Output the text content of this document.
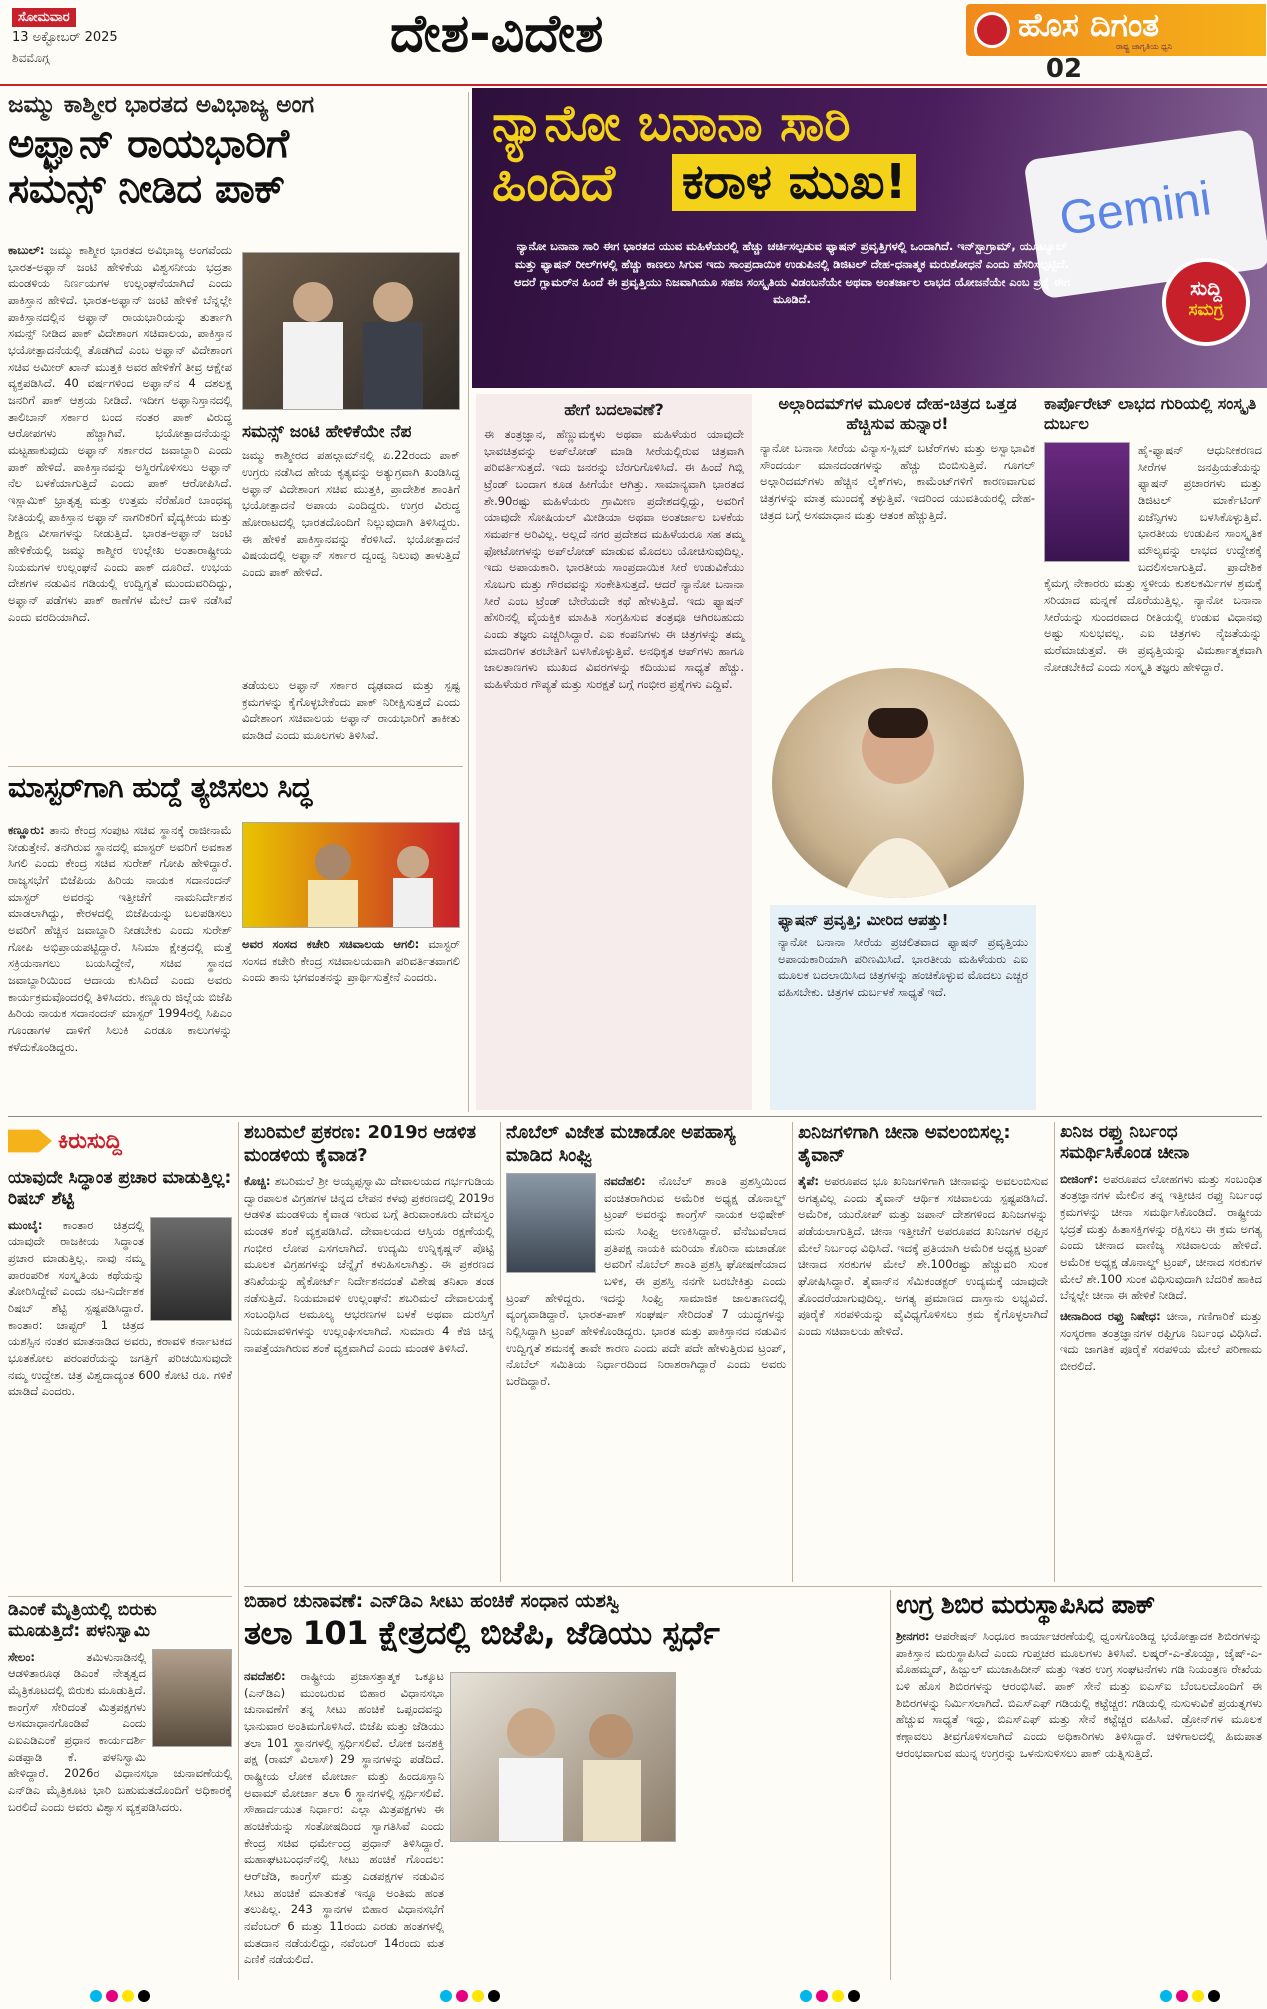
ಸೋಮವಾರ
13 ಅಕ್ಟೋಬರ್ 2025
ಶಿವಮೊಗ್ಗ	ದೇಶ-ವಿದೇಶ	ಹೊಸ ದಿಗಂತ
ರಾಷ್ಟ್ರ ಜಾಗೃತಿಯ ಧ್ವನಿ
02
ಜಮ್ಮು ಕಾಶ್ಮೀರ ಭಾರತದ ಅವಿಭಾಜ್ಯ ಅಂಗ
ಅಫ್ಘಾನ್ ರಾಯಭಾರಿಗೆ
ಸಮನ್ಸ್ ನೀಡಿದ ಪಾಕ್

ಕಾಬುಲ್: ಜಮ್ಮು ಕಾಶ್ಮೀರ ಭಾರತದ ಅವಿಭಾಜ್ಯ ಅಂಗವೆಂದು ಭಾರತ-ಅಫ್ಘಾನ್ ಜಂಟಿ ಹೇಳಿಕೆಯ ವಿಶ್ವಸನೀಯ ಭದ್ರತಾ ಮಂಡಳಿಯ ನಿರ್ಣಯಗಳ ಉಲ್ಲಂಘನೆಯಾಗಿದೆ ಎಂದು ಪಾಕಿಸ್ತಾನ ಹೇಳಿದೆ. ಭಾರತ-ಅಫ್ಘಾನ್ ಜಂಟಿ ಹೇಳಿಕೆ ಬೆನ್ನಲ್ಲೇ ಪಾಕಿಸ್ತಾನದಲ್ಲಿನ ಅಫ್ಘಾನ್ ರಾಯಭಾರಿಯನ್ನು ತುರ್ತಾಗಿ ಸಮನ್ಸ್ ನೀಡಿದ ಪಾಕ್ ವಿದೇಶಾಂಗ ಸಚಿವಾಲಯ, ಪಾಕಿಸ್ತಾನ ಭಯೋತ್ಪಾದನೆಯಲ್ಲಿ ತೊಡಗಿದೆ ಎಂಬ ಅಫ್ಘಾನ್ ವಿದೇಶಾಂಗ ಸಚಿವ ಅಮೀರ್ ಖಾನ್ ಮುತ್ತಕಿ ಅವರ ಹೇಳಿಕೆಗೆ ತೀವ್ರ ಆಕ್ಷೇಪ ವ್ಯಕ್ತಪಡಿಸಿದೆ. 40 ವರ್ಷಗಳಿಂದ ಅಫ್ಘಾನ್‌ನ 4 ದಶಲಕ್ಷ ಜನರಿಗೆ ಪಾಕ್ ಆಶ್ರಯ ನೀಡಿದೆ. ಇದೀಗ ಅಫ್ಘಾನಿಸ್ತಾನದಲ್ಲಿ ತಾಲಿಬಾನ್ ಸರ್ಕಾರ ಬಂದ ನಂತರ ಪಾಕ್ ವಿರುದ್ಧ ಆರೋಪಗಳು ಹೆಚ್ಚಾಗಿವೆ. ಭಯೋತ್ಪಾದನೆಯನ್ನು ಮಟ್ಟಹಾಕುವುದು ಅಫ್ಘಾನ್ ಸರ್ಕಾರದ ಜವಾಬ್ದಾರಿ ಎಂದು ಪಾಕ್ ಹೇಳಿದೆ. ಪಾಕಿಸ್ತಾನವನ್ನು ಅಸ್ಥಿರಗೊಳಿಸಲು ಅಫ್ಘಾನ್ ನೆಲ ಬಳಕೆಯಾಗುತ್ತಿದೆ ಎಂದು ಪಾಕ್ ಆರೋಪಿಸಿದೆ. ಇಸ್ಲಾಮಿಕ್ ಭ್ರಾತೃತ್ವ ಮತ್ತು ಉತ್ತಮ ನೆರೆಹೊರೆ ಬಾಂಧವ್ಯ ನೀತಿಯಲ್ಲಿ ಪಾಕಿಸ್ತಾನ ಅಫ್ಘಾನ್ ನಾಗರಿಕರಿಗೆ ವೈದ್ಯಕೀಯ ಮತ್ತು ಶಿಕ್ಷಣ ವೀಸಾಗಳನ್ನು ನೀಡುತ್ತಿದೆ. ಭಾರತ-ಅಫ್ಘಾನ್ ಜಂಟಿ ಹೇಳಿಕೆಯಲ್ಲಿ ಜಮ್ಮು ಕಾಶ್ಮೀರ ಉಲ್ಲೇಖ ಅಂತಾರಾಷ್ಟ್ರೀಯ ನಿಯಮಗಳ ಉಲ್ಲಂಘನೆ ಎಂದು ಪಾಕ್ ದೂರಿದೆ. ಉಭಯ ದೇಶಗಳ ನಡುವಿನ ಗಡಿಯಲ್ಲಿ ಉದ್ವಿಗ್ನತೆ ಮುಂದುವರಿದಿದ್ದು, ಅಫ್ಘಾನ್ ಪಡೆಗಳು ಪಾಕ್ ಠಾಣೆಗಳ ಮೇಲೆ ದಾಳಿ ನಡೆಸಿವೆ ಎಂದು ವರದಿಯಾಗಿದೆ.

ಸಮನ್ಸ್ ಜಂಟಿ ಹೇಳಿಕೆಯೇ ನೆಪ

ಜಮ್ಮು ಕಾಶ್ಮೀರದ ಪಹಲ್ಗಾಮ್‌ನಲ್ಲಿ ಏ.22ರಂದು ಪಾಕ್ ಉಗ್ರರು ನಡೆಸಿದ ಹೇಯ ಕೃತ್ಯವನ್ನು ಅತ್ಯುಗ್ರವಾಗಿ ಖಂಡಿಸಿದ್ದ ಅಫ್ಘಾನ್ ವಿದೇಶಾಂಗ ಸಚಿವ ಮುತ್ತಕಿ, ಪ್ರಾದೇಶಿಕ ಶಾಂತಿಗೆ ಭಯೋತ್ಪಾದನೆ ಅಪಾಯ ಎಂದಿದ್ದರು. ಉಗ್ರರ ವಿರುದ್ಧ ಹೋರಾಟದಲ್ಲಿ ಭಾರತದೊಂದಿಗೆ ನಿಲ್ಲುವುದಾಗಿ ತಿಳಿಸಿದ್ದರು. ಈ ಹೇಳಿಕೆ ಪಾಕಿಸ್ತಾನವನ್ನು ಕೆರಳಿಸಿದೆ. ಭಯೋತ್ಪಾದನೆ ವಿಷಯದಲ್ಲಿ ಅಫ್ಘಾನ್ ಸರ್ಕಾರ ದ್ವಂದ್ವ ನಿಲುವು ತಾಳುತ್ತಿದೆ ಎಂದು ಪಾಕ್ ಹೇಳಿದೆ.

ತಡೆಯಲು ಅಫ್ಘಾನ್ ಸರ್ಕಾರ ದೃಢವಾದ ಮತ್ತು ಸ್ಪಷ್ಟ ಕ್ರಮಗಳನ್ನು ಕೈಗೊಳ್ಳಬೇಕೆಂದು ಪಾಕ್ ನಿರೀಕ್ಷಿಸುತ್ತದೆ ಎಂದು ವಿದೇಶಾಂಗ ಸಚಿವಾಲಯ ಅಫ್ಘಾನ್ ರಾಯಭಾರಿಗೆ ತಾಕೀತು ಮಾಡಿದೆ ಎಂದು ಮೂಲಗಳು ತಿಳಿಸಿವೆ.

ಮಾಸ್ಟರ್‌ಗಾಗಿ ಹುದ್ದೆ ತ್ಯಜಿಸಲು ಸಿದ್ಧ

ಕಣ್ಣೂರು: ತಾನು ಕೇಂದ್ರ ಸಂಪುಟ ಸಚಿವ ಸ್ಥಾನಕ್ಕೆ ರಾಜೀನಾಮೆ ನೀಡುತ್ತೇನೆ. ತನಗಿರುವ ಸ್ಥಾನದಲ್ಲಿ ಮಾಸ್ಟರ್ ಅವರಿಗೆ ಅವಕಾಶ ಸಿಗಲಿ ಎಂದು ಕೇಂದ್ರ ಸಚಿವ ಸುರೇಶ್ ಗೋಪಿ ಹೇಳಿದ್ದಾರೆ. ರಾಜ್ಯಸಭೆಗೆ ಬಿಜೆಪಿಯ ಹಿರಿಯ ನಾಯಕ ಸದಾನಂದನ್ ಮಾಸ್ಟರ್ ಅವರನ್ನು ಇತ್ತೀಚೆಗೆ ನಾಮನಿರ್ದೇಶನ ಮಾಡಲಾಗಿದ್ದು, ಕೇರಳದಲ್ಲಿ ಬಿಜೆಪಿಯನ್ನು ಬಲಪಡಿಸಲು ಅವರಿಗೆ ಹೆಚ್ಚಿನ ಜವಾಬ್ದಾರಿ ನೀಡಬೇಕು ಎಂದು ಸುರೇಶ್ ಗೋಪಿ ಅಭಿಪ್ರಾಯಪಟ್ಟಿದ್ದಾರೆ. ಸಿನಿಮಾ ಕ್ಷೇತ್ರದಲ್ಲಿ ಮತ್ತೆ ಸಕ್ರಿಯನಾಗಲು ಬಯಸಿದ್ದೇನೆ, ಸಚಿವ ಸ್ಥಾನದ ಜವಾಬ್ದಾರಿಯಿಂದ ಆದಾಯ ಕುಸಿದಿದೆ ಎಂದು ಅವರು ಕಾರ್ಯಕ್ರಮವೊಂದರಲ್ಲಿ ತಿಳಿಸಿದರು. ಕಣ್ಣೂರು ಜಿಲ್ಲೆಯ ಬಿಜೆಪಿ ಹಿರಿಯ ನಾಯಕ ಸದಾನಂದನ್ ಮಾಸ್ಟರ್ 1994ರಲ್ಲಿ ಸಿಪಿಎಂ ಗೂಂಡಾಗಳ ದಾಳಿಗೆ ಸಿಲುಕಿ ಎರಡೂ ಕಾಲುಗಳನ್ನು ಕಳೆದುಕೊಂಡಿದ್ದರು.

ಅವರ ಸಂಸದ ಕಚೇರಿ ಸಚಿವಾಲಯ ಆಗಲಿ: ಮಾಸ್ಟರ್ ಸಂಸದ ಕಚೇರಿ ಕೇಂದ್ರ ಸಚಿವಾಲಯವಾಗಿ ಪರಿವರ್ತಿತವಾಗಲಿ ಎಂದು ತಾನು ಭಗವಂತನನ್ನು ಪ್ರಾರ್ಥಿಸುತ್ತೇನೆ ಎಂದರು.

ನ್ಯಾನೋ ಬನಾನಾ ಸಾರಿ
ಹಿಂದಿದೆ ಕರಾಳ ಮುಖ!	Gemini
ಸುದ್ದಿ
ಸಮಗ್ರ

ನ್ಯಾನೋ ಬನಾನಾ ಸಾರಿ ಈಗ ಭಾರತದ ಯುವ ಮಹಿಳೆಯರಲ್ಲಿ ಹೆಚ್ಚು ಚರ್ಚಿಸಲ್ಪಡುವ ಫ್ಯಾಷನ್ ಪ್ರವೃತ್ತಿಗಳಲ್ಲಿ ಒಂದಾಗಿದೆ. ಇನ್‌ಸ್ಟಾಗ್ರಾಮ್, ಯೂಟ್ಯೂಬ್ ಮತ್ತು ಫ್ಯಾಷನ್ ರೀಲ್‌ಗಳಲ್ಲಿ ಹೆಚ್ಚು ಕಾಣಲು ಸಿಗುವ ಇದು ಸಾಂಪ್ರದಾಯಿಕ ಉಡುಪಿನಲ್ಲಿ ಡಿಜಿಟಲ್ ದೇಹ-ಧನಾತ್ಮಕ ಮರುಶೋಧನೆ ಎಂದು ಹೆಸರಿಸಲ್ಪಟ್ಟಿದೆ. ಆದರೆ ಗ್ಲಾಮರ್‌ನ ಹಿಂದೆ ಈ ಪ್ರವೃತ್ತಿಯು ನಿಜವಾಗಿಯೂ ಸಹಜ ಸಂಸ್ಕೃತಿಯ ವಿಡಂಬನೆಯೇ ಅಥವಾ ಅಂತರ್ಜಾಲ ಲಾಭದ ಯೋಜನೆಯೇ ಎಂಬ ಪ್ರಶ್ನೆ ಈಗ ಮೂಡಿದೆ.

ಹೇಗೆ ಬದಲಾವಣೆ?

ಈ ತಂತ್ರಜ್ಞಾನ, ಹೆಣ್ಣುಮಕ್ಕಳು ಅಥವಾ ಮಹಿಳೆಯರ ಯಾವುದೇ ಭಾವಚಿತ್ರವನ್ನು ಅಪ್‌ಲೋಡ್ ಮಾಡಿ ಸೀರೆಯಲ್ಲಿರುವ ಚಿತ್ರವಾಗಿ ಪರಿವರ್ತಿಸುತ್ತದೆ. ಇದು ಜನರನ್ನು ಬೆರಗುಗೊಳಿಸಿದೆ. ಈ ಹಿಂದೆ ಗಿಬ್ಲಿ ಟ್ರೆಂಡ್ ಬಂದಾಗ ಕೂಡ ಹೀಗೆಯೇ ಆಗಿತ್ತು. ಸಾಮಾನ್ಯವಾಗಿ ಭಾರತದ ಶೇ.90ರಷ್ಟು ಮಹಿಳೆಯರು ಗ್ರಾಮೀಣ ಪ್ರದೇಶದಲ್ಲಿದ್ದು, ಅವರಿಗೆ ಯಾವುದೇ ಸೋಷಿಯಲ್ ಮೀಡಿಯಾ ಅಥವಾ ಅಂತರ್ಜಾಲ ಬಳಕೆಯ ಸಮರ್ಪಕ ಅರಿವಿಲ್ಲ. ಅಲ್ಲದೆ ನಗರ ಪ್ರದೇಶದ ಮಹಿಳೆಯರೂ ಸಹ ತಮ್ಮ ಫೋಟೋಗಳನ್ನು ಅಪ್‌ಲೋಡ್ ಮಾಡುವ ಮೊದಲು ಯೋಚಿಸುವುದಿಲ್ಲ. ಇದು ಅಪಾಯಕಾರಿ. ಭಾರತೀಯ ಸಾಂಪ್ರದಾಯಿಕ ಸೀರೆ ಉಡುವಿಕೆಯು ಸೊಬಗು ಮತ್ತು ಗೌರವವನ್ನು ಸಂಕೇತಿಸುತ್ತದೆ. ಆದರೆ ನ್ಯಾನೋ ಬನಾನಾ ಸೀರೆ ಎಂಬ ಟ್ರೆಂಡ್ ಬೇರೆಯದೇ ಕಥೆ ಹೇಳುತ್ತಿದೆ. ಇದು ಫ್ಯಾಷನ್ ಹೆಸರಿನಲ್ಲಿ ವೈಯಕ್ತಿಕ ಮಾಹಿತಿ ಸಂಗ್ರಹಿಸುವ ತಂತ್ರವೂ ಆಗಿರಬಹುದು ಎಂದು ತಜ್ಞರು ಎಚ್ಚರಿಸಿದ್ದಾರೆ. ಎಐ ಕಂಪನಿಗಳು ಈ ಚಿತ್ರಗಳನ್ನು ತಮ್ಮ ಮಾದರಿಗಳ ತರಬೇತಿಗೆ ಬಳಸಿಕೊಳ್ಳುತ್ತಿವೆ. ಅನಧಿಕೃತ ಆಪ್‌ಗಳು ಹಾಗೂ ಜಾಲತಾಣಗಳು ಮುಖದ ವಿವರಗಳನ್ನು ಕದಿಯುವ ಸಾಧ್ಯತೆ ಹೆಚ್ಚು. ಮಹಿಳೆಯರ ಗೌಪ್ಯತೆ ಮತ್ತು ಸುರಕ್ಷತೆ ಬಗ್ಗೆ ಗಂಭೀರ ಪ್ರಶ್ನೆಗಳು ಎದ್ದಿವೆ.

ಅಲ್ಗಾರಿದಮ್‌ಗಳ ಮೂಲಕ ದೇಹ-ಚಿತ್ರದ ಒತ್ತಡ ಹೆಚ್ಚಿಸುವ ಹುನ್ನಾರ!

ನ್ಯಾನೋ ಬನಾನಾ ಸೀರೆಯ ವಿನ್ಯಾಸ-ಸ್ಲಿಮ್ ಬಟೆರ್‌ಗಳು ಮತ್ತು ಅಸ್ವಾಭಾವಿಕ ಸೌಂದರ್ಯ ಮಾನದಂಡಗಳನ್ನು ಹೆಚ್ಚು ಬಿಂಬಿಸುತ್ತಿವೆ. ಗೂಗಲ್ ಅಲ್ಗಾರಿದಮ್‌ಗಳು ಹೆಚ್ಚಿನ ಲೈಕ್‌ಗಳು, ಕಾಮೆಂಟ್‌ಗಳಿಗೆ ಕಾರಣವಾಗುವ ಚಿತ್ರಗಳನ್ನು ಮಾತ್ರ ಮುಂದಕ್ಕೆ ತಳ್ಳುತ್ತಿವೆ. ಇದರಿಂದ ಯುವತಿಯರಲ್ಲಿ ದೇಹ-ಚಿತ್ರದ ಬಗ್ಗೆ ಅಸಮಾಧಾನ ಮತ್ತು ಆತಂಕ ಹೆಚ್ಚುತ್ತಿದೆ.

ಫ್ಯಾಷನ್ ಪ್ರವೃತ್ತಿ; ಮೀರಿದ ಆಪತ್ತು!

ನ್ಯಾನೋ ಬನಾನಾ ಸೀರೆಯ ಪ್ರಚಲಿತವಾದ ಫ್ಯಾಷನ್ ಪ್ರವೃತ್ತಿಯು ಅಪಾಯಕಾರಿಯಾಗಿ ಪರಿಣಮಿಸಿದೆ. ಭಾರತೀಯ ಮಹಿಳೆಯರು ಎಐ ಮೂಲಕ ಬದಲಾಯಿಸಿದ ಚಿತ್ರಗಳನ್ನು ಹಂಚಿಕೊಳ್ಳುವ ಮೊದಲು ಎಚ್ಚರ ವಹಿಸಬೇಕು. ಚಿತ್ರಗಳ ದುರ್ಬಳಕೆ ಸಾಧ್ಯತೆ ಇದೆ.

ಕಾರ್ಪೊರೇಟ್ ಲಾಭದ ಗುರಿಯಲ್ಲಿ ಸಂಸ್ಕೃತಿ ದುರ್ಬಲ

ಹೈ-ಫ್ಯಾಷನ್ ಆಧುನೀಕರಣದ ಸೀರೆಗಳ ಜನಪ್ರಿಯತೆಯನ್ನು ಫ್ಯಾಷನ್ ಪ್ರಚಾರಗಳು ಮತ್ತು ಡಿಜಿಟಲ್ ಮಾರ್ಕೆಟಿಂಗ್ ಏಜೆನ್ಸಿಗಳು ಬಳಸಿಕೊಳ್ಳುತ್ತಿವೆ. ಭಾರತೀಯ ಉಡುಪಿನ ಸಾಂಸ್ಕೃತಿಕ ಮೌಲ್ಯವನ್ನು ಲಾಭದ ಉದ್ದೇಶಕ್ಕೆ ಬದಲಿಸಲಾಗುತ್ತಿದೆ. ಪ್ರಾದೇಶಿಕ ಕೈಮಗ್ಗ ನೇಕಾರರು ಮತ್ತು ಸ್ಥಳೀಯ ಕುಶಲಕರ್ಮಿಗಳ ಶ್ರಮಕ್ಕೆ ಸರಿಯಾದ ಮನ್ನಣೆ ದೊರೆಯುತ್ತಿಲ್ಲ. ನ್ಯಾನೋ ಬನಾನಾ ಸೀರೆಯನ್ನು ಸುಂದರವಾದ ರೀತಿಯಲ್ಲಿ ಉಡುವ ವಿಧಾನವು ಅಷ್ಟು ಸುಲಭವಲ್ಲ. ಎಐ ಚಿತ್ರಗಳು ನೈಜತೆಯನ್ನು ಮರೆಮಾಚುತ್ತವೆ. ಈ ಪ್ರವೃತ್ತಿಯನ್ನು ವಿಮರ್ಶಾತ್ಮಕವಾಗಿ ನೋಡಬೇಕಿದೆ ಎಂದು ಸಂಸ್ಕೃತಿ ತಜ್ಞರು ಹೇಳಿದ್ದಾರೆ.

ಕಿರುಸುದ್ದಿ
ಯಾವುದೇ ಸಿದ್ಧಾಂತ ಪ್ರಚಾರ ಮಾಡುತ್ತಿಲ್ಲ: ರಿಷಬ್ ಶೆಟ್ಟಿ

ಮುಂಬೈ: ಕಾಂತಾರ ಚಿತ್ರದಲ್ಲಿ ಯಾವುದೇ ರಾಜಕೀಯ ಸಿದ್ಧಾಂತ ಪ್ರಚಾರ ಮಾಡುತ್ತಿಲ್ಲ. ನಾವು ನಮ್ಮ ಪಾರಂಪರಿಕ ಸಂಸ್ಕೃತಿಯ ಕಥೆಯನ್ನು ತೋರಿಸಿದ್ದೇವೆ ಎಂದು ನಟ-ನಿರ್ದೇಶಕ ರಿಷಬ್ ಶೆಟ್ಟಿ ಸ್ಪಷ್ಟಪಡಿಸಿದ್ದಾರೆ. ಕಾಂತಾರ: ಚಾಪ್ಟರ್ 1 ಚಿತ್ರದ ಯಶಸ್ಸಿನ ನಂತರ ಮಾತನಾಡಿದ ಅವರು, ಕರಾವಳಿ ಕರ್ನಾಟಕದ ಭೂತಕೋಲ ಪರಂಪರೆಯನ್ನು ಜಗತ್ತಿಗೆ ಪರಿಚಯಿಸುವುದೇ ನಮ್ಮ ಉದ್ದೇಶ. ಚಿತ್ರ ವಿಶ್ವದಾದ್ಯಂತ 600 ಕೋಟಿ ರೂ. ಗಳಿಕೆ ಮಾಡಿದೆ ಎಂದರು.

ಡಿಎಂಕೆ ಮೈತ್ರಿಯಲ್ಲಿ ಬಿರುಕು ಮೂಡುತ್ತಿದೆ: ಪಳನಿಸ್ವಾಮಿ

ಸೇಲಂ:	ತಮಿಳುನಾಡಿನಲ್ಲಿ ಆಡಳಿತಾರೂಢ ಡಿಎಂಕೆ ನೇತೃತ್ವದ ಮೈತ್ರಿಕೂಟದಲ್ಲಿ ಬಿರುಕು ಮೂಡುತ್ತಿದೆ. ಕಾಂಗ್ರೆಸ್ ಸೇರಿದಂತೆ ಮಿತ್ರಪಕ್ಷಗಳು ಅಸಮಾಧಾನಗೊಂಡಿವೆ ಎಂದು ಎಐಎಡಿಎಂಕೆ ಪ್ರಧಾನ ಕಾರ್ಯದರ್ಶಿ ಎಡಪ್ಪಾಡಿ ಕೆ. ಪಳನಿಸ್ವಾಮಿ ಹೇಳಿದ್ದಾರೆ. 2026ರ ವಿಧಾನಸಭಾ ಚುನಾವಣೆಯಲ್ಲಿ ಎನ್‌ಡಿಎ ಮೈತ್ರಿಕೂಟ ಭಾರಿ ಬಹುಮತದೊಂದಿಗೆ ಅಧಿಕಾರಕ್ಕೆ ಬರಲಿದೆ ಎಂದು ಅವರು ವಿಶ್ವಾಸ ವ್ಯಕ್ತಪಡಿಸಿದರು.

ಶಬರಿಮಲೆ ಪ್ರಕರಣ: 2019ರ ಆಡಳಿತ ಮಂಡಳಿಯ ಕೈವಾಡ?

ಕೊಚ್ಚಿ: ಶಬರಿಮಲೆ ಶ್ರೀ ಅಯ್ಯಪ್ಪಸ್ವಾಮಿ ದೇವಾಲಯದ ಗರ್ಭಗುಡಿಯ ದ್ವಾರಪಾಲಕ ವಿಗ್ರಹಗಳ ಚಿನ್ನದ ಲೇಪನ ಕಳವು ಪ್ರಕರಣದಲ್ಲಿ 2019ರ ಆಡಳಿತ ಮಂಡಳಿಯ ಕೈವಾಡ ಇರುವ ಬಗ್ಗೆ ತಿರುವಾಂಕೂರು ದೇವಸ್ವಂ ಮಂಡಳಿ ಶಂಕೆ ವ್ಯಕ್ತಪಡಿಸಿದೆ. ದೇವಾಲಯದ ಆಸ್ತಿಯ ರಕ್ಷಣೆಯಲ್ಲಿ ಗಂಭೀರ ಲೋಪ ಎಸಗಲಾಗಿದೆ. ಉದ್ಯಮಿ ಉನ್ನಿಕೃಷ್ಣನ್ ಪೊಟ್ಟಿ ಮೂಲಕ ವಿಗ್ರಹಗಳನ್ನು ಚೆನ್ನೈಗೆ ಕಳುಹಿಸಲಾಗಿತ್ತು. ಈ ಪ್ರಕರಣದ ತನಿಖೆಯನ್ನು ಹೈಕೋರ್ಟ್ ನಿರ್ದೇಶನದಂತೆ ವಿಶೇಷ ತನಿಖಾ ತಂಡ ನಡೆಸುತ್ತಿದೆ. ನಿಯಮಾವಳಿ ಉಲ್ಲಂಘನೆ: ಶಬರಿಮಲೆ ದೇವಾಲಯಕ್ಕೆ ಸಂಬಂಧಿಸಿದ ಅಮೂಲ್ಯ ಆಭರಣಗಳ ಬಳಕೆ ಅಥವಾ ದುರಸ್ತಿಗೆ ನಿಯಮಾವಳಿಗಳನ್ನು ಉಲ್ಲಂಘಿಸಲಾಗಿದೆ. ಸುಮಾರು 4 ಕೆಜಿ ಚಿನ್ನ ನಾಪತ್ತೆಯಾಗಿರುವ ಶಂಕೆ ವ್ಯಕ್ತವಾಗಿದೆ ಎಂದು ಮಂಡಳಿ ತಿಳಿಸಿದೆ.

ನೊಬೆಲ್ ವಿಜೇತ ಮಚಾಡೋ ಅಪಹಾಸ್ಯ ಮಾಡಿದ ಸಿಂಘ್ವಿ

ನವದೆಹಲಿ: ನೊಬೆಲ್ ಶಾಂತಿ ಪ್ರಶಸ್ತಿಯಿಂದ ವಂಚಿತರಾಗಿರುವ ಅಮೆರಿಕ ಅಧ್ಯಕ್ಷ ಡೊನಾಲ್ಡ್ ಟ್ರಂಪ್ ಅವರನ್ನು ಕಾಂಗ್ರೆಸ್ ನಾಯಕ ಅಭಿಷೇಕ್ ಮನು ಸಿಂಘ್ವಿ ಅಣಕಿಸಿದ್ದಾರೆ. ವೆನೆಜುವೆಲಾದ ಪ್ರತಿಪಕ್ಷ ನಾಯಕಿ ಮರಿಯಾ ಕೊರಿನಾ ಮಚಾಡೋ ಅವರಿಗೆ ನೊಬೆಲ್ ಶಾಂತಿ ಪ್ರಶಸ್ತಿ ಘೋಷಣೆಯಾದ ಬಳಿಕ, ಈ ಪ್ರಶಸ್ತಿ ನನಗೇ ಬರಬೇಕಿತ್ತು ಎಂದು ಟ್ರಂಪ್ ಹೇಳಿದ್ದರು. ಇದನ್ನು ಸಿಂಘ್ವಿ ಸಾಮಾಜಿಕ ಜಾಲತಾಣದಲ್ಲಿ ವ್ಯಂಗ್ಯವಾಡಿದ್ದಾರೆ. ಭಾರತ-ಪಾಕ್ ಸಂಘರ್ಷ ಸೇರಿದಂತೆ 7 ಯುದ್ಧಗಳನ್ನು ನಿಲ್ಲಿಸಿದ್ದಾಗಿ ಟ್ರಂಪ್ ಹೇಳಿಕೊಂಡಿದ್ದರು. ಭಾರತ ಮತ್ತು ಪಾಕಿಸ್ತಾನದ ನಡುವಿನ ಉದ್ವಿಗ್ನತೆ ಶಮನಕ್ಕೆ ತಾವೇ ಕಾರಣ ಎಂದು ಪದೇ ಪದೇ ಹೇಳುತ್ತಿರುವ ಟ್ರಂಪ್, ನೊಬೆಲ್ ಸಮಿತಿಯ ನಿರ್ಧಾರದಿಂದ ನಿರಾಶರಾಗಿದ್ದಾರೆ ಎಂದು ಅವರು ಬರೆದಿದ್ದಾರೆ.

ಖನಿಜಗಳಿಗಾಗಿ ಚೀನಾ ಅವಲಂಬಿಸಲ್ಲ: ತೈವಾನ್

ತೈಪೆ: ಅಪರೂಪದ ಭೂ ಖನಿಜಗಳಿಗಾಗಿ ಚೀನಾವನ್ನು ಅವಲಂಬಿಸುವ ಅಗತ್ಯವಿಲ್ಲ ಎಂದು ತೈವಾನ್ ಆರ್ಥಿಕ ಸಚಿವಾಲಯ ಸ್ಪಷ್ಟಪಡಿಸಿದೆ. ಅಮೆರಿಕ, ಯುರೋಪ್ ಮತ್ತು ಜಪಾನ್ ದೇಶಗಳಿಂದ ಖನಿಜಗಳನ್ನು ಪಡೆಯಲಾಗುತ್ತಿದೆ. ಚೀನಾ ಇತ್ತೀಚೆಗೆ ಅಪರೂಪದ ಖನಿಜಗಳ ರಫ್ತಿನ ಮೇಲೆ ನಿರ್ಬಂಧ ವಿಧಿಸಿದೆ. ಇದಕ್ಕೆ ಪ್ರತಿಯಾಗಿ ಅಮೆರಿಕ ಅಧ್ಯಕ್ಷ ಟ್ರಂಪ್ ಚೀನಾದ ಸರಕುಗಳ ಮೇಲೆ ಶೇ.100ರಷ್ಟು ಹೆಚ್ಚುವರಿ ಸುಂಕ ಘೋಷಿಸಿದ್ದಾರೆ. ತೈವಾನ್‌ನ ಸೆಮಿಕಂಡಕ್ಟರ್ ಉದ್ಯಮಕ್ಕೆ ಯಾವುದೇ ತೊಂದರೆಯಾಗುವುದಿಲ್ಲ. ಅಗತ್ಯ ಪ್ರಮಾಣದ ದಾಸ್ತಾನು ಲಭ್ಯವಿದೆ. ಪೂರೈಕೆ ಸರಪಳಿಯನ್ನು ವೈವಿಧ್ಯಗೊಳಿಸಲು ಕ್ರಮ ಕೈಗೊಳ್ಳಲಾಗಿದೆ ಎಂದು ಸಚಿವಾಲಯ ಹೇಳಿದೆ.

ಖನಿಜ ರಫ್ತು ನಿರ್ಬಂಧ ಸಮರ್ಥಿಸಿಕೊಂಡ ಚೀನಾ

ಬೀಜಿಂಗ್: ಅಪರೂಪದ ಲೋಹಗಳು ಮತ್ತು ಸಂಬಂಧಿತ ತಂತ್ರಜ್ಞಾನಗಳ ಮೇಲಿನ ತನ್ನ ಇತ್ತೀಚಿನ ರಫ್ತು ನಿರ್ಬಂಧ ಕ್ರಮಗಳನ್ನು ಚೀನಾ ಸಮರ್ಥಿಸಿಕೊಂಡಿದೆ. ರಾಷ್ಟ್ರೀಯ ಭದ್ರತೆ ಮತ್ತು ಹಿತಾಸಕ್ತಿಗಳನ್ನು ರಕ್ಷಿಸಲು ಈ ಕ್ರಮ ಅಗತ್ಯ ಎಂದು ಚೀನಾದ ವಾಣಿಜ್ಯ ಸಚಿವಾಲಯ ಹೇಳಿದೆ. ಅಮೆರಿಕ ಅಧ್ಯಕ್ಷ ಡೊನಾಲ್ಡ್ ಟ್ರಂಪ್, ಚೀನಾದ ಸರಕುಗಳ ಮೇಲೆ ಶೇ.100 ಸುಂಕ ವಿಧಿಸುವುದಾಗಿ ಬೆದರಿಕೆ ಹಾಕಿದ ಬೆನ್ನಲ್ಲೇ ಚೀನಾ ಈ ಹೇಳಿಕೆ ನೀಡಿದೆ.

ಚೀನಾದಿಂದ ರಫ್ತು ನಿಷೇಧ: ಚೀನಾ, ಗಣಿಗಾರಿಕೆ ಮತ್ತು ಸಂಸ್ಕರಣಾ ತಂತ್ರಜ್ಞಾನಗಳ ರಫ್ತಿಗೂ ನಿರ್ಬಂಧ ವಿಧಿಸಿದೆ. ಇದು ಜಾಗತಿಕ ಪೂರೈಕೆ ಸರಪಳಿಯ ಮೇಲೆ ಪರಿಣಾಮ ಬೀರಲಿದೆ.

ಬಿಹಾರ ಚುನಾವಣೆ: ಎನ್‌ಡಿಎ ಸೀಟು ಹಂಚಿಕೆ ಸಂಧಾನ ಯಶಸ್ವಿ
ತಲಾ 101 ಕ್ಷೇತ್ರದಲ್ಲಿ ಬಿಜೆಪಿ, ಜೆಡಿಯು ಸ್ಪರ್ಧೆ

ನವದೆಹಲಿ: ರಾಷ್ಟ್ರೀಯ ಪ್ರಜಾಸತ್ತಾತ್ಮಕ ಒಕ್ಕೂಟ (ಎನ್‌ಡಿಎ) ಮುಂಬರುವ ಬಿಹಾರ ವಿಧಾನಸಭಾ ಚುನಾವಣೆಗೆ ತನ್ನ ಸೀಟು ಹಂಚಿಕೆ ಒಪ್ಪಂದವನ್ನು ಭಾನುವಾರ ಅಂತಿಮಗೊಳಿಸಿದೆ. ಬಿಜೆಪಿ ಮತ್ತು ಜೆಡಿಯು ತಲಾ 101 ಸ್ಥಾನಗಳಲ್ಲಿ ಸ್ಪರ್ಧಿಸಲಿವೆ. ಲೋಕ ಜನಶಕ್ತಿ ಪಕ್ಷ (ರಾಮ್ ವಿಲಾಸ್) 29 ಸ್ಥಾನಗಳನ್ನು ಪಡೆದಿದೆ. ರಾಷ್ಟ್ರೀಯ ಲೋಕ ಮೋರ್ಚಾ ಮತ್ತು ಹಿಂದೂಸ್ತಾನಿ ಅವಾಮ್ ಮೋರ್ಚಾ ತಲಾ 6 ಸ್ಥಾನಗಳಲ್ಲಿ ಸ್ಪರ್ಧಿಸಲಿವೆ. ಸೌಹಾರ್ದಯುತ ನಿರ್ಧಾರ: ಎಲ್ಲಾ ಮಿತ್ರಪಕ್ಷಗಳು ಈ ಹಂಚಿಕೆಯನ್ನು ಸಂತೋಷದಿಂದ ಸ್ವಾಗತಿಸಿವೆ ಎಂದು ಕೇಂದ್ರ ಸಚಿವ ಧರ್ಮೇಂದ್ರ ಪ್ರಧಾನ್ ತಿಳಿಸಿದ್ದಾರೆ. ಮಹಾಘಟಬಂಧನ್‌ನಲ್ಲಿ ಸೀಟು ಹಂಚಿಕೆ ಗೊಂದಲ: ಆರ್‌ಜೆಡಿ, ಕಾಂಗ್ರೆಸ್ ಮತ್ತು ಎಡಪಕ್ಷಗಳ ನಡುವಿನ ಸೀಟು ಹಂಚಿಕೆ ಮಾತುಕತೆ ಇನ್ನೂ ಅಂತಿಮ ಹಂತ ತಲುಪಿಲ್ಲ. 243 ಸ್ಥಾನಗಳ ಬಿಹಾರ ವಿಧಾನಸಭೆಗೆ ನವೆಂಬರ್ 6 ಮತ್ತು 11ರಂದು ಎರಡು ಹಂತಗಳಲ್ಲಿ ಮತದಾನ ನಡೆಯಲಿದ್ದು, ನವೆಂಬರ್ 14ರಂದು ಮತ ಎಣಿಕೆ ನಡೆಯಲಿದೆ.

ರಾಷ್ಟ್ರೀಯ ಪ್ರಜಾಸತ್ತಾತ್ಮಕ ಒಕ್ಕೂಟ (ಎನ್‌ಡಿಎ) ಮುಂಬರುವ ಬಿಹಾರ ವಿಧಾನಸಭಾ ಚುನಾವಣೆಗೆ ತನ್ನ ಸೀಟು ಹಂಚಿಕೆ ಒಪ್ಪಂದವನ್ನು ಭಾನುವಾರ ಅಂತಿಮಗೊಳಿಸಿದೆ. ಬಿಜೆಪಿ ಮತ್ತು ಜೆಡಿಯು ತಲಾ 101 ಸ್ಥಾನಗಳಲ್ಲಿ ಸ್ಪರ್ಧಿಸಲಿವೆ. ಲೋಕ ಜನಶಕ್ತಿ ಪಕ್ಷ (ರಾಮ್ ವಿಲಾಸ್) 29 ಸ್ಥಾನಗಳನ್ನು ಪಡೆದಿದೆ. ರಾಷ್ಟ್ರೀಯ ಲೋಕ ಮೋರ್ಚಾ ಮತ್ತು ಹಿಂದೂಸ್ತಾನಿ ಅವಾಮ್ ಮೋರ್ಚಾ ತಲಾ 6 ಸ್ಥಾನಗಳಲ್ಲಿ ಸ್ಪರ್ಧಿಸಲಿವೆ. ಸೌಹಾರ್ದಯುತ ನಿರ್ಧಾರ: ಎಲ್ಲಾ ಮಿತ್ರಪಕ್ಷಗಳು ಈ ಹಂಚಿಕೆಯನ್ನು ಸಂತೋಷದಿಂದ ಸ್ವಾಗತಿಸಿವೆ ಎಂದು ಕೇಂದ್ರ ಸಚಿವ ಧರ್ಮೇಂದ್ರ ಪ್ರಧಾನ್ ತಿಳಿಸಿದ್ದಾರೆ. ಮಹಾಘಟಬಂಧನ್‌ನಲ್ಲಿ ಸೀಟು ಹಂಚಿಕೆ ಗೊಂದಲ: ಆರ್‌ಜೆಡಿ, ಕಾಂಗ್ರೆಸ್ ಮತ್ತು ಎಡಪಕ್ಷಗಳ ನಡುವಿನ ಸೀಟು ಹಂಚಿಕೆ ಮಾತುಕತೆ ಇನ್ನೂ ಅಂತಿಮ ಹಂತ ತಲುಪಿಲ್ಲ. 243 ಸ್ಥಾನಗಳ ಬಿಹಾರ ವಿಧಾನಸಭೆಗೆ ನವೆಂಬರ್ 6 ಮತ್ತು 11ರಂದು ಎರಡು ಹಂತಗಳಲ್ಲಿ ಮತದಾನ ನಡೆಯಲಿದ್ದು, ನವೆಂಬರ್ 14ರಂದು ಮತ ಎಣಿಕೆ ನಡೆಯಲಿದೆ.

ಉಗ್ರ ಶಿಬಿರ ಮರುಸ್ಥಾಪಿಸಿದ ಪಾಕ್

ಶ್ರೀನಗರ: ಆಪರೇಷನ್ ಸಿಂಧೂರ ಕಾರ್ಯಾಚರಣೆಯಲ್ಲಿ ಧ್ವಂಸಗೊಂಡಿದ್ದ ಭಯೋತ್ಪಾದಕ ಶಿಬಿರಗಳನ್ನು ಪಾಕಿಸ್ತಾನ ಮರುಸ್ಥಾಪಿಸಿದೆ ಎಂದು ಗುಪ್ತಚರ ಮೂಲಗಳು ತಿಳಿಸಿವೆ. ಲಷ್ಕರ್-ಎ-ತೊಯ್ಬಾ, ಜೈಷ್-ಎ-ಮೊಹಮ್ಮದ್, ಹಿಜ್ಬುಲ್ ಮುಜಾಹಿದೀನ್ ಮತ್ತು ಇತರ ಉಗ್ರ ಸಂಘಟನೆಗಳು ಗಡಿ ನಿಯಂತ್ರಣ ರೇಖೆಯ ಬಳಿ ಹೊಸ ಶಿಬಿರಗಳನ್ನು ಆರಂಭಿಸಿವೆ. ಪಾಕ್ ಸೇನೆ ಮತ್ತು ಐಎಸ್‌ಐ ಬೆಂಬಲದೊಂದಿಗೆ ಈ ಶಿಬಿರಗಳನ್ನು ನಿರ್ಮಿಸಲಾಗಿದೆ. ಬಿಎಸ್‌ಎಫ್ ಗಡಿಯಲ್ಲಿ ಕಟ್ಟೆಚ್ಚರ: ಗಡಿಯಲ್ಲಿ ನುಸುಳುವಿಕೆ ಪ್ರಯತ್ನಗಳು ಹೆಚ್ಚುವ ಸಾಧ್ಯತೆ ಇದ್ದು, ಬಿಎಸ್‌ಎಫ್ ಮತ್ತು ಸೇನೆ ಕಟ್ಟೆಚ್ಚರ ವಹಿಸಿವೆ. ಡ್ರೋನ್‌ಗಳ ಮೂಲಕ ಕಣ್ಗಾವಲು ತೀವ್ರಗೊಳಿಸಲಾಗಿದೆ ಎಂದು ಅಧಿಕಾರಿಗಳು ತಿಳಿಸಿದ್ದಾರೆ. ಚಳಿಗಾಲದಲ್ಲಿ ಹಿಮಪಾತ ಆರಂಭವಾಗುವ ಮುನ್ನ ಉಗ್ರರನ್ನು ಒಳನುಸುಳಿಸಲು ಪಾಕ್ ಯತ್ನಿಸುತ್ತಿದೆ.
